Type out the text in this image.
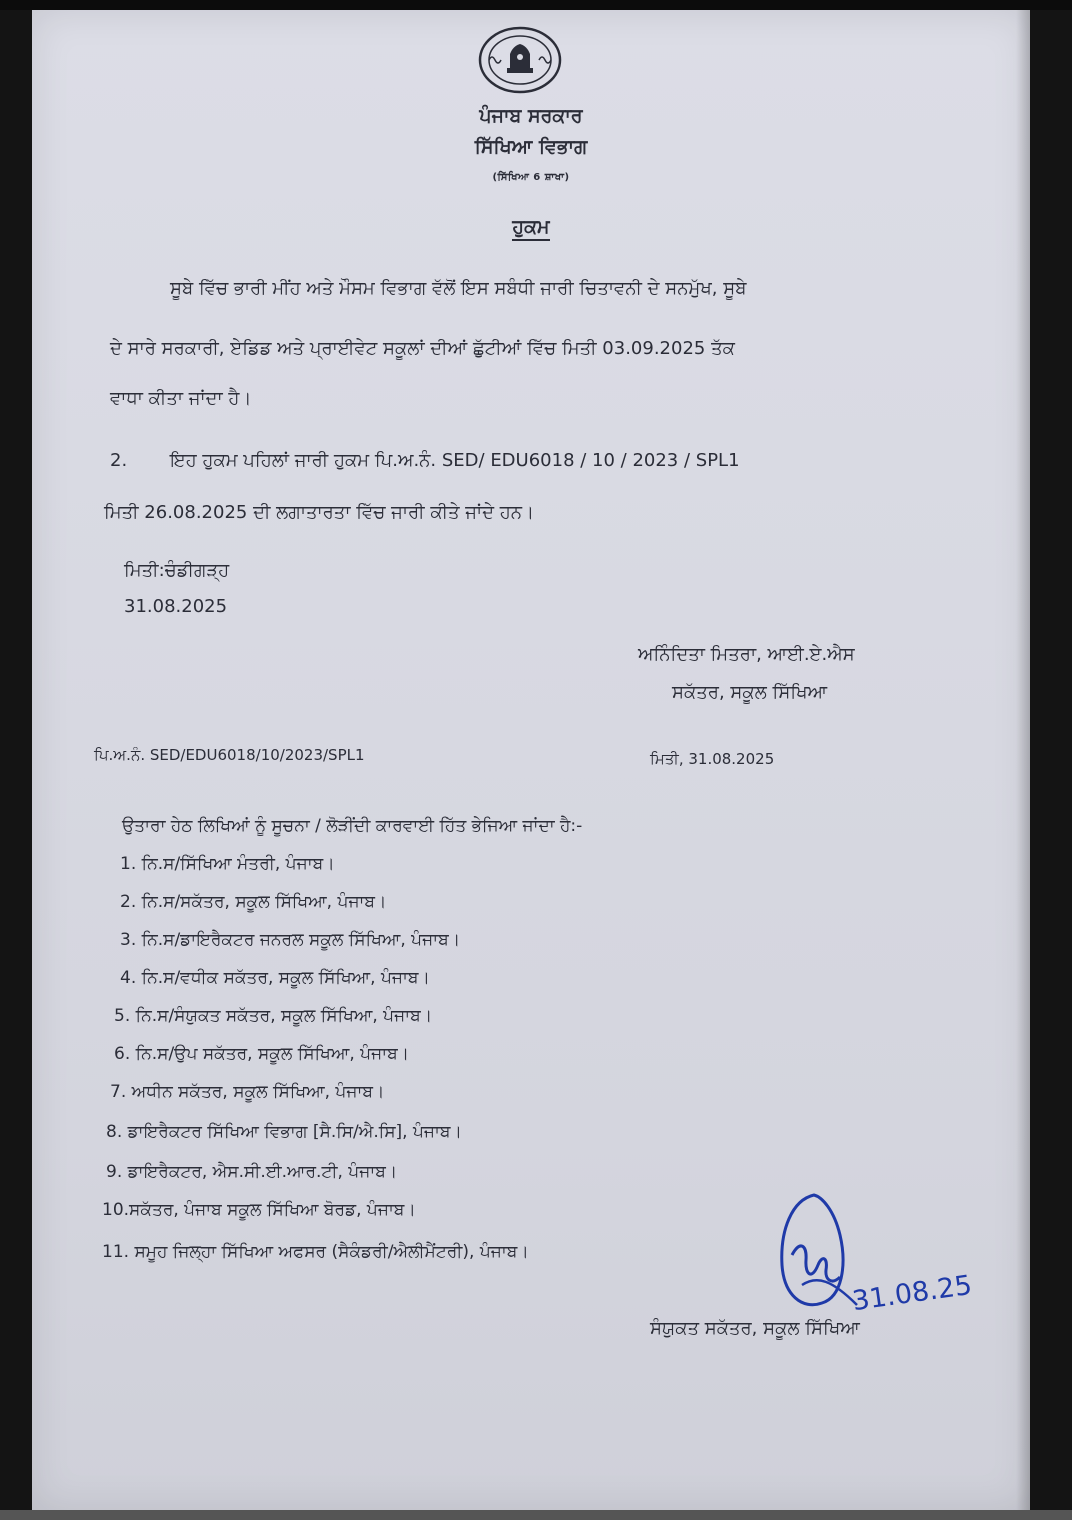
ਪੰਜਾਬ ਸਰਕਾਰ
ਸਿੱਖਿਆ ਵਿਭਾਗ
(ਸਿੱਖਿਆ 6 ਸ਼ਾਖਾ)
ਹੁਕਮ
ਸੂਬੇ ਵਿੱਚ ਭਾਰੀ ਮੀਂਹ ਅਤੇ ਮੌਸਮ ਵਿਭਾਗ ਵੱਲੋਂ ਇਸ ਸਬੰਧੀ ਜਾਰੀ ਚਿਤਾਵਨੀ ਦੇ ਸਨਮੁੱਖ, ਸੂਬੇ
ਦੇ ਸਾਰੇ ਸਰਕਾਰੀ, ਏਡਿਡ ਅਤੇ ਪ੍ਰਾਈਵੇਟ ਸਕੂਲਾਂ ਦੀਆਂ ਛੁੱਟੀਆਂ ਵਿੱਚ ਮਿਤੀ 03.09.2025 ਤੱਕ
ਵਾਧਾ ਕੀਤਾ ਜਾਂਦਾ ਹੈ।
2. ਇਹ ਹੁਕਮ ਪਹਿਲਾਂ ਜਾਰੀ ਹੁਕਮ ਪਿ.ਅ.ਨੰ. SED/ EDU6018 / 10 / 2023 / SPL1
ਮਿਤੀ 26.08.2025 ਦੀ ਲਗਾਤਾਰਤਾ ਵਿੱਚ ਜਾਰੀ ਕੀਤੇ ਜਾਂਦੇ ਹਨ।
ਮਿਤੀ:ਚੰਡੀਗੜ੍ਹ
31.08.2025
ਅਨਿੰਦਿਤਾ ਮਿਤਰਾ, ਆਈ.ਏ.ਐਸ
ਸਕੱਤਰ, ਸਕੂਲ ਸਿੱਖਿਆ
ਪਿ.ਅ.ਨੰ. SED/EDU6018/10/2023/SPL1	ਮਿਤੀ, 31.08.2025
ਉਤਾਰਾ ਹੇਠ ਲਿਖਿਆਂ ਨੂੰ ਸੂਚਨਾ / ਲੋੜੀਂਦੀ ਕਾਰਵਾਈ ਹਿੱਤ ਭੇਜਿਆ ਜਾਂਦਾ ਹੈ:-
1. ਨਿ.ਸ/ਸਿੱਖਿਆ ਮੰਤਰੀ, ਪੰਜਾਬ।
2. ਨਿ.ਸ/ਸਕੱਤਰ, ਸਕੂਲ ਸਿੱਖਿਆ, ਪੰਜਾਬ।
3. ਨਿ.ਸ/ਡਾਇਰੈਕਟਰ ਜਨਰਲ ਸਕੂਲ ਸਿੱਖਿਆ, ਪੰਜਾਬ।
4. ਨਿ.ਸ/ਵਧੀਕ ਸਕੱਤਰ, ਸਕੂਲ ਸਿੱਖਿਆ, ਪੰਜਾਬ।
5. ਨਿ.ਸ/ਸੰਯੁਕਤ ਸਕੱਤਰ, ਸਕੂਲ ਸਿੱਖਿਆ, ਪੰਜਾਬ।
6. ਨਿ.ਸ/ਉਪ ਸਕੱਤਰ, ਸਕੂਲ ਸਿੱਖਿਆ, ਪੰਜਾਬ।
7. ਅਧੀਨ ਸਕੱਤਰ, ਸਕੂਲ ਸਿੱਖਿਆ, ਪੰਜਾਬ।
8. ਡਾਇਰੈਕਟਰ ਸਿੱਖਿਆ ਵਿਭਾਗ [ਸੈ.ਸਿ/ਐ.ਸਿ], ਪੰਜਾਬ।
9. ਡਾਇਰੈਕਟਰ, ਐਸ.ਸੀ.ਈ.ਆਰ.ਟੀ, ਪੰਜਾਬ।
10.ਸਕੱਤਰ, ਪੰਜਾਬ ਸਕੂਲ ਸਿੱਖਿਆ ਬੋਰਡ, ਪੰਜਾਬ।
11. ਸਮੂਹ ਜਿਲ੍ਹਾ ਸਿੱਖਿਆ ਅਫਸਰ (ਸੈਕੰਡਰੀ/ਐਲੀਮੈਂਟਰੀ), ਪੰਜਾਬ।
31.08.25
ਸੰਯੁਕਤ ਸਕੱਤਰ, ਸਕੂਲ ਸਿੱਖਿਆ
